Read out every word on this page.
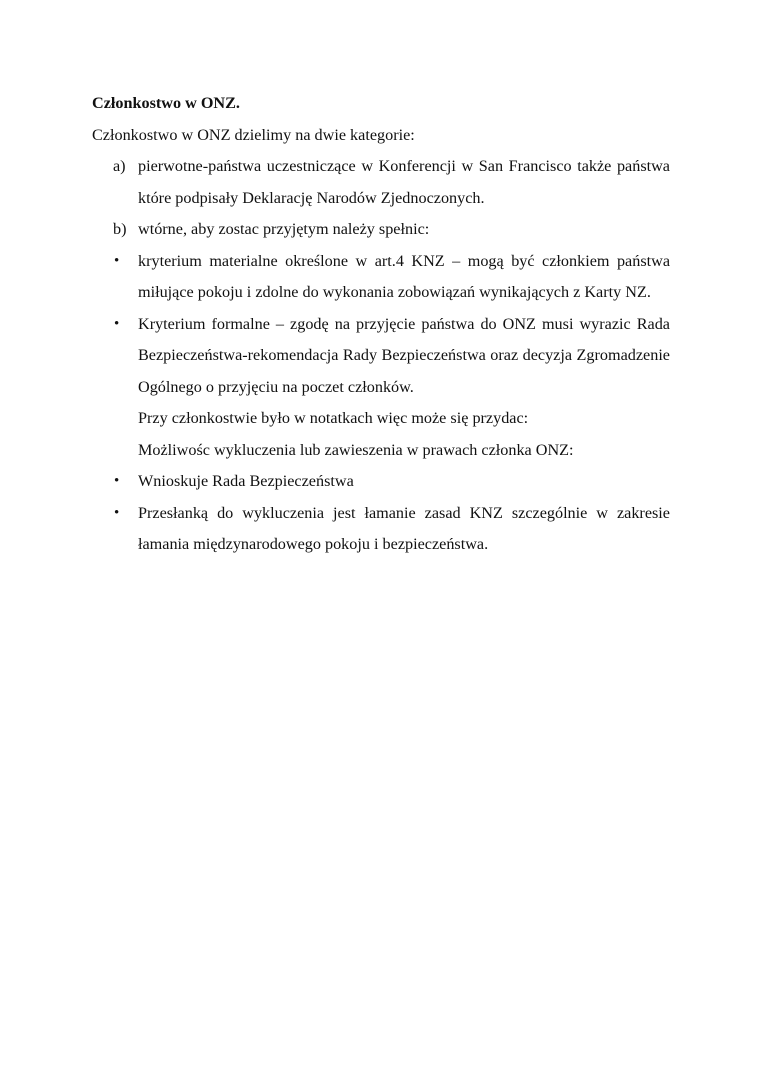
Członkostwo w ONZ.

Członkostwo w ONZ dzielimy na dwie kategorie:

a) pierwotne-państwa uczestniczące w Konferencji w San Francisco także państwa które podpisały Deklarację Narodów Zjednoczonych.
b) wtórne, aby zostac przyjętym należy spełnic:
• kryterium materialne określone w art.4 KNZ – mogą być członkiem państwa miłujące pokoju i zdolne do wykonania zobowiązań wynikających z Karty NZ.
• Kryterium formalne – zgodę na przyjęcie państwa do ONZ musi wyrazic Rada Bezpieczeństwa-rekomendacja Rady Bezpieczeństwa oraz decyzja Zgromadzenie Ogólnego o przyjęciu na poczet członków.

Przy członkostwie było w notatkach więc może się przydac:

Możliwośc wykluczenia lub zawieszenia w prawach członka ONZ:

• Wnioskuje Rada Bezpieczeństwa
• Przesłanką do wykluczenia jest łamanie zasad KNZ szczególnie w zakresie łamania międzynarodowego pokoju i bezpieczeństwa.
